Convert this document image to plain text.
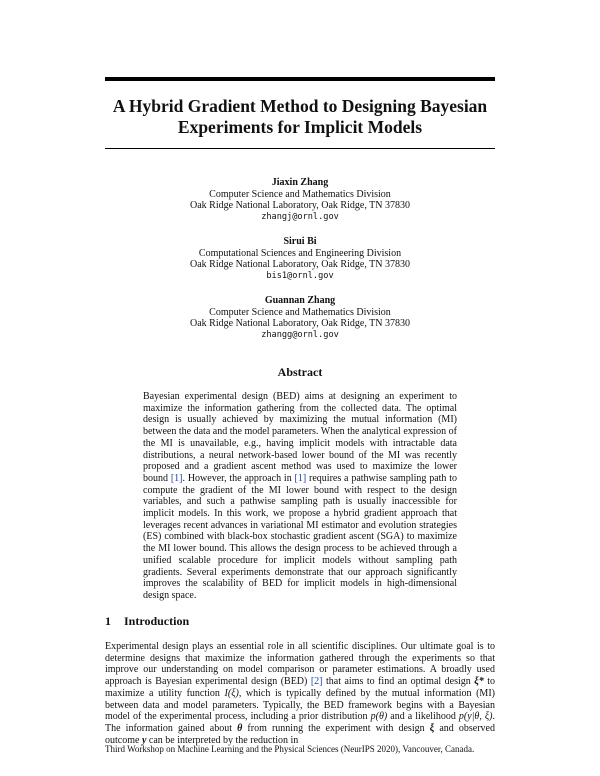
A Hybrid Gradient Method to Designing Bayesian Experiments for Implicit Models
Jiaxin Zhang
Computer Science and Mathematics Division
Oak Ridge National Laboratory, Oak Ridge, TN 37830
zhangj@ornl.gov
Sirui Bi
Computational Sciences and Engineering Division
Oak Ridge National Laboratory, Oak Ridge, TN 37830
bis1@ornl.gov
Guannan Zhang
Computer Science and Mathematics Division
Oak Ridge National Laboratory, Oak Ridge, TN 37830
zhangg@ornl.gov
Abstract
Bayesian experimental design (BED) aims at designing an experiment to maximize the information gathering from the collected data. The optimal design is usually achieved by maximizing the mutual information (MI) between the data and the model parameters. When the analytical expression of the MI is unavailable, e.g., having implicit models with intractable data distributions, a neural network-based lower bound of the MI was recently proposed and a gradient ascent method was used to maximize the lower bound [1]. However, the approach in [1] requires a pathwise sampling path to compute the gradient of the MI lower bound with respect to the design variables, and such a pathwise sampling path is usually inaccessible for implicit models. In this work, we propose a hybrid gradient approach that leverages recent advances in variational MI estimator and evolution strategies (ES) combined with black-box stochastic gradient ascent (SGA) to maximize the MI lower bound. This allows the design process to be achieved through a unified scalable procedure for implicit models without sampling path gradients. Several experiments demonstrate that our approach significantly improves the scalability of BED for implicit models in high-dimensional design space.
1 Introduction
Experimental design plays an essential role in all scientific disciplines. Our ultimate goal is to determine designs that maximize the information gathered through the experiments so that improve our understanding on model comparison or parameter estimations. A broadly used approach is Bayesian experimental design (BED) [2] that aims to find an optimal design ξ* to maximize a utility function I(ξ), which is typically defined by the mutual information (MI) between data and model parameters. Typically, the BED framework begins with a Bayesian model of the experimental process, including a prior distribution p(θ) and a likelihood p(y|θ, ξ). The information gained about θ from running the experiment with design ξ and observed outcome y can be interpreted by the reduction in
Third Workshop on Machine Learning and the Physical Sciences (NeurIPS 2020), Vancouver, Canada.
